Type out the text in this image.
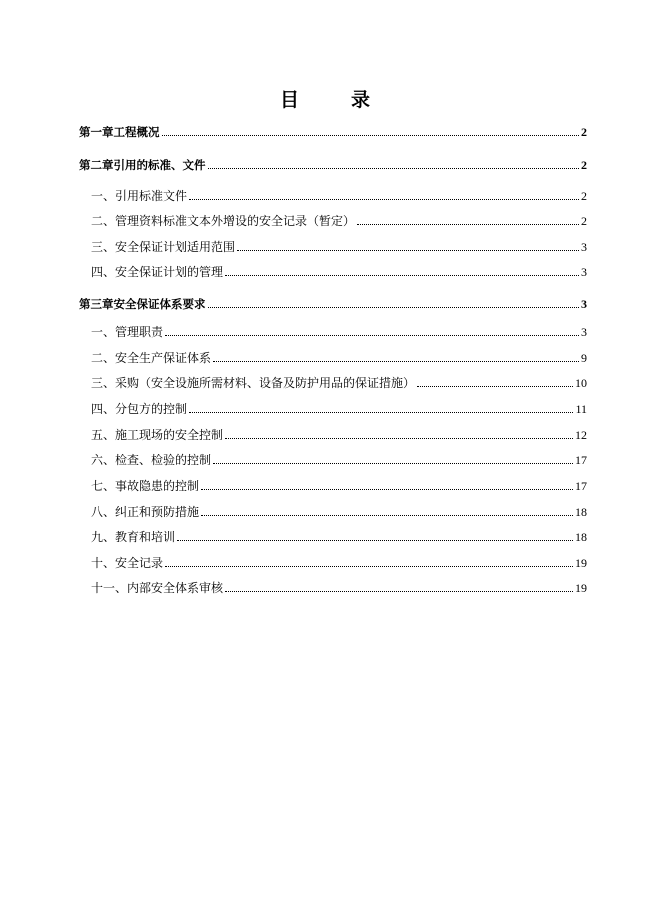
目	录
第一章工程概况	2
第二章引用的标准、文件	2
一、引用标准文件	2
二、管理资料标准文本外增设的安全记录（暂定）	2
三、安全保证计划适用范围	3
四、安全保证计划的管理	3
第三章安全保证体系要求	3
一、管理职责	3
二、安全生产保证体系	9
三、采购（安全设施所需材料、设备及防护用品的保证措施）	10
四、分包方的控制	11
五、施工现场的安全控制	12
六、检查、检验的控制	17
七、事故隐患的控制	17
八、纠正和预防措施	18
九、教育和培训	18
十、安全记录	19
十一、内部安全体系审核	19
